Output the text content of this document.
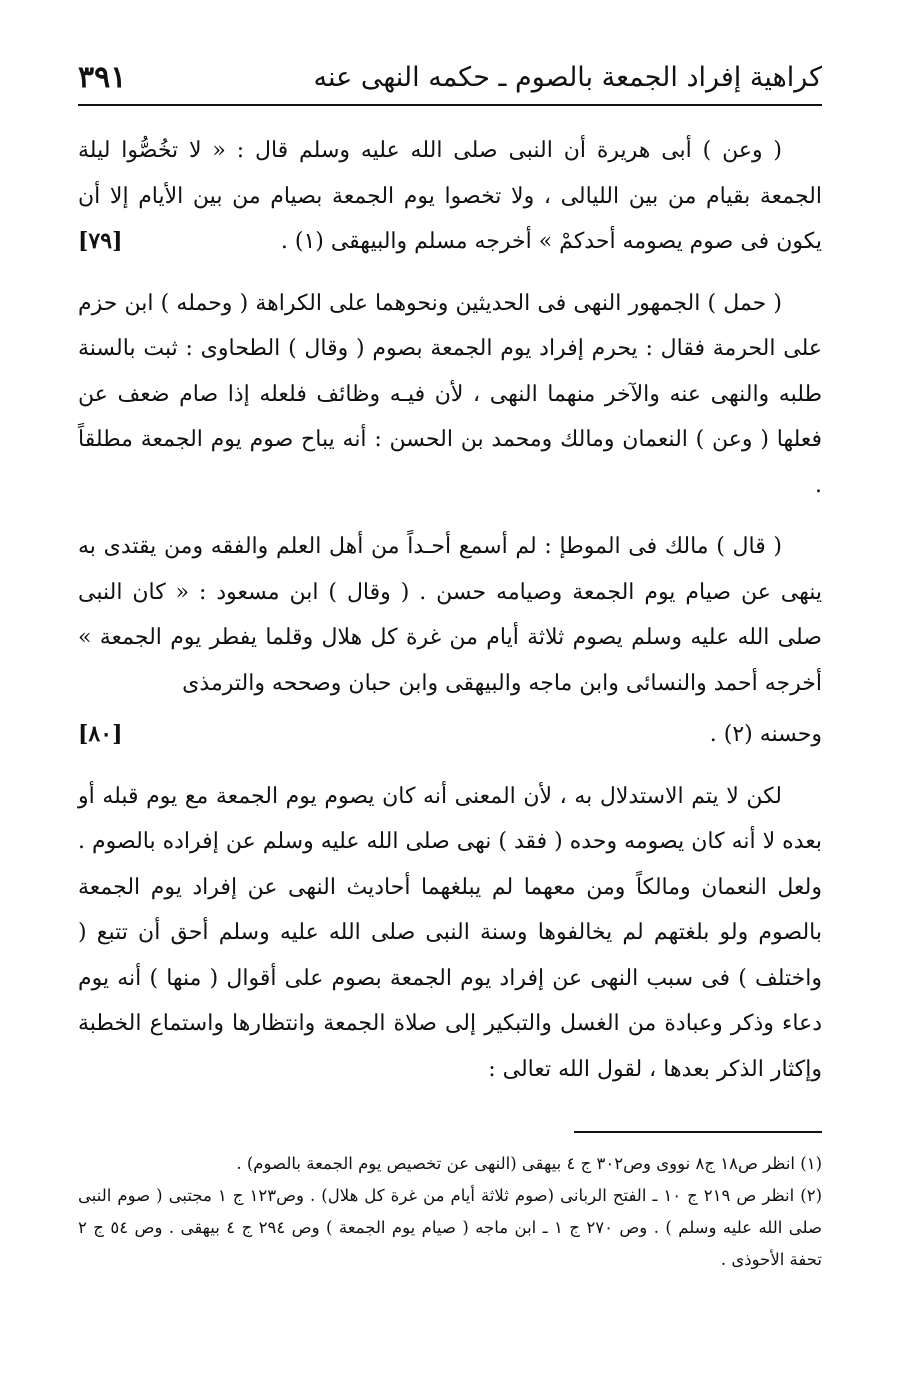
كراهية إفراد الجمعة بالصوم ـ حكمه النهى عنه
٣٩١

( وعن ) أبى هريرة أن النبى صلى الله عليه وسلم قال : « لا تخُصُّوا ليلة الجمعة بقيام من بين الليالى ، ولا تخصوا يوم الجمعة بصيام من بين الأيام إلا أن يكون فى صوم يصومه أحدكمْ » أخرجه مسلم والبيهقى (١) .
[٧٩]

( حمل ) الجمهور النهى فى الحديثين ونحوهما على الكراهة ( وحمله ) ابن حزم على الحرمة فقال : يحرم إفراد يوم الجمعة بصوم ( وقال ) الطحاوى : ثبت بالسنة طلبه والنهى عنه والآخر منهما النهى ، لأن فيـه وظائف فلعله إذا صام ضعف عن فعلها ( وعن ) النعمان ومالك ومحمد بن الحسن : أنه يباح صوم يوم الجمعة مطلقاً .

( قال ) مالك فى الموطإ : لم أسمع أحـداً من أهل العلم والفقه ومن يقتدى به ينهى عن صيام يوم الجمعة وصيامه حسن . ( وقال ) ابن مسعود : « كان النبى صلى الله عليه وسلم يصوم ثلاثة أيام من غرة كل هلال وقلما يفطر يوم الجمعة » أخرجه أحمد والنسائى وابن ماجه والبيهقى وابن حبان وصححه والترمذى

وحسنه (٢) .
[٨٠]

لكن لا يتم الاستدلال به ، لأن المعنى أنه كان يصوم يوم الجمعة مع يوم قبله أو بعده لا أنه كان يصومه وحده ( فقد ) نهى صلى الله عليه وسلم عن إفراده بالصوم . ولعل النعمان ومالكاً ومن معهما لم يبلغهما أحاديث النهى عن إفراد يوم الجمعة بالصوم ولو بلغتهم لم يخالفوها وسنة النبى صلى الله عليه وسلم أحق أن تتبع ( واختلف ) فى سبب النهى عن إفراد يوم الجمعة بصوم على أقوال ( منها ) أنه يوم دعاء وذكر وعبادة من الغسل والتبكير إلى صلاة الجمعة وانتظارها واستماع الخطبة وإكثار الذكر بعدها ، لقول الله تعالى :

(١) انظر ص١٨ ج٨ نووى وص٣٠٢ ج ٤ بيهقى (النهى عن تخصيص يوم الجمعة بالصوم) .

(٢) انظر ص ٢١٩ ج ١٠ ـ الفتح الربانى (صوم ثلاثة أيام من غرة كل هلال) . وص١٢٣ ج ١ مجتبى ( صوم النبى صلى الله عليه وسلم ) . وص ٢٧٠ ج ١ ـ ابن ماجه ( صيام يوم الجمعة ) وص ٢٩٤ ج ٤ بيهقى . وص ٥٤ ج ٢ تحفة الأحوذى .
